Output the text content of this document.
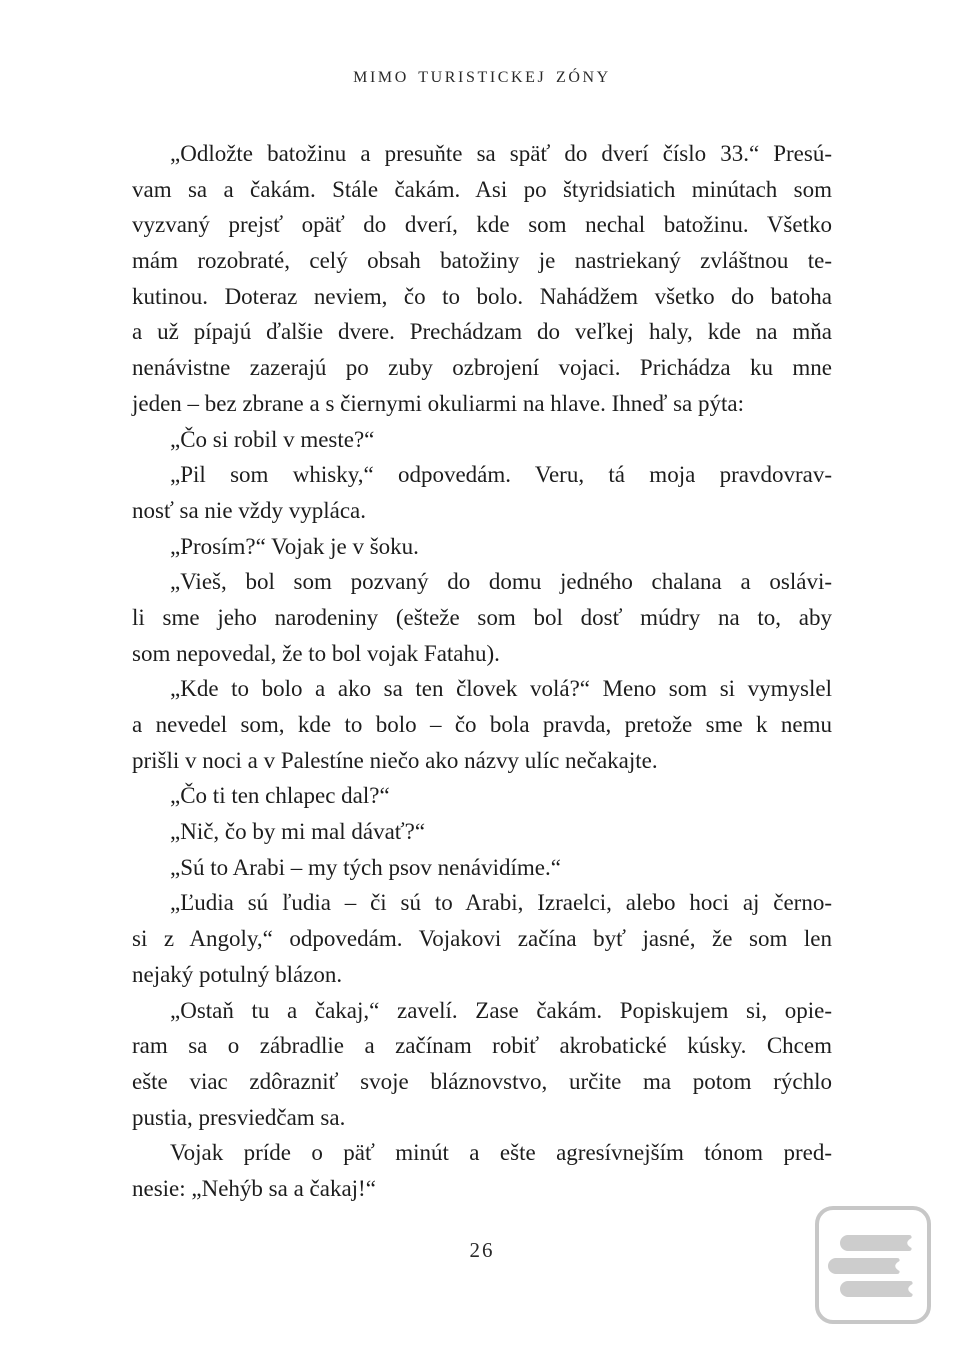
MIMO TURISTICKEJ ZÓNY
„Odložte batožinu a presuňte sa späť do dverí číslo 33.“ Presú-
vam sa a čakám. Stále čakám. Asi po štyridsiatich minútach som
vyzvaný prejsť opäť do dverí, kde som nechal batožinu. Všetko
mám rozobraté, celý obsah batožiny je nastriekaný zvláštnou te-
kutinou. Doteraz neviem, čo to bolo. Nahádžem všetko do batoha
a už pípajú ďalšie dvere. Prechádzam do veľkej haly, kde na mňa
nenávistne zazerajú po zuby ozbrojení vojaci. Prichádza ku mne
jeden – bez zbrane a s čiernymi okuliarmi na hlave. Ihneď sa pýta:
„Čo si robil v meste?“
„Pil som whisky,“ odpovedám. Veru, tá moja pravdovrav-
nosť sa nie vždy vypláca.
„Prosím?“ Vojak je v šoku.
„Vieš, bol som pozvaný do domu jedného chalana a oslávi-
li sme jeho narodeniny (ešteže som bol dosť múdry na to, aby
som nepovedal, že to bol vojak Fatahu).
„Kde to bolo a ako sa ten človek volá?“ Meno som si vymyslel
a nevedel som, kde to bolo – čo bola pravda, pretože sme k nemu
prišli v noci a v Palestíne niečo ako názvy ulíc nečakajte.
„Čo ti ten chlapec dal?“
„Nič, čo by mi mal dávať?“
„Sú to Arabi – my tých psov nenávidíme.“
„Ľudia sú ľudia – či sú to Arabi, Izraelci, alebo hoci aj černo-
si z Angoly,“ odpovedám. Vojakovi začína byť jasné, že som len
nejaký potulný blázon.
„Ostaň tu a čakaj,“ zavelí. Zase čakám. Popiskujem si, opie-
ram sa o zábradlie a začínam robiť akrobatické kúsky. Chcem
ešte viac zdôrazniť svoje bláznovstvo, určite ma potom rýchlo
pustia, presviedčam sa.
Vojak príde o päť minút a ešte agresívnejším tónom pred-
nesie: „Nehýb sa a čakaj!“
26
